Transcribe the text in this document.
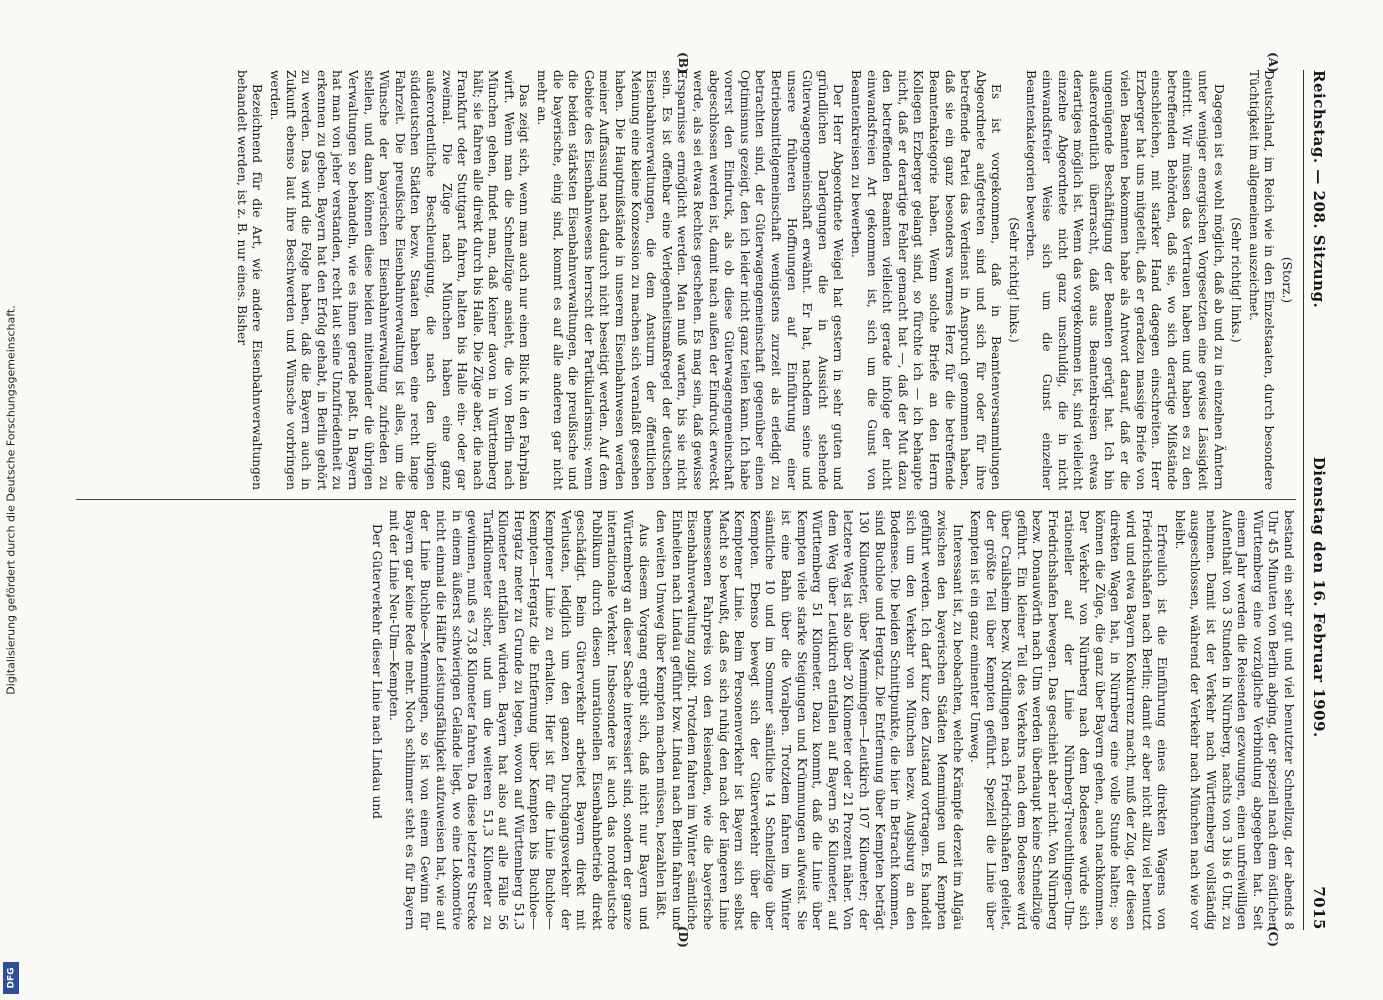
Digitalisierung gefördert durch die Deutsche Forschungsgemeinschaft.
DFG
Reichstag. — 208. Sitzung.
Dienstag den 16. Februar 1909.
7015
(A)
(B)
(C)
(D)

(Storz.)

Deutschland, im Reich wie in den Einzelstaaten, durch besondere Tüchtigkeit im allgemeinen auszeichnet.

(Sehr richtig! links.)

Dagegen ist es wohl möglich, daß ab und zu in einzelnen Ämtern unter weniger energischen Vorgesetzten eine gewisse Lässigkeit eintritt. Wir müssen das Vertrauen haben und haben es zu den betreffenden Behörden, daß sie, wo sich derartige Mißstände einschleichen, mit starker Hand dagegen einschreiten. Herr Erzberger hat uns mitgeteilt, daß er geradezu massige Briefe von vielen Beamten bekommen habe als Antwort darauf, daß er die ungenügende Beschäftigung der Beamten gerügt hat. Ich bin außerordentlich überrascht, daß aus Beamtenkreisen etwas derartiges möglich ist. Wenn das vorgekommen ist, sind vielleicht einzelne Abgeordnete nicht ganz unschuldig, die in nicht einwandsfreier Weise sich um die Gunst einzelner Beamtenkategorien bewerben.

(Sehr richtig! links.)

Es ist vorgekommen, daß in Beamtenversammlungen Abgeordnete aufgetreten sind und sich für oder für ihre betreffende Partei das Verdienst in Anspruch genommen haben, daß sie ein ganz besonders warmes Herz für die betreffende Beamtenkategorie haben. Wenn solche Briefe an den Herrn Kollegen Erzberger gelangt sind, so fürchte ich — ich behaupte nicht, daß er derartige Fehler gemacht hat —, daß der Mut dazu den betreffenden Beamten vielleicht gerade infolge der nicht einwandsfreien Art gekommen ist, sich um die Gunst von Beamtenkreisen zu bewerben.

Der Herr Abgeordnete Weigel hat gestern in sehr guten und gründlichen Darlegungen die in Aussicht stehende Güterwagengemeinschaft erwähnt. Er hat, nachdem seine und unsere früheren Hoffnungen auf Einführung einer Betriebsmittelgemeinschaft wenigstens zurzeit als erledigt zu betrachten sind, der Güterwagengemeinschaft gegenüber einen Optimismus gezeigt, den ich leider nicht ganz teilen kann. Ich habe vorerst den Eindruck, als ob diese Güterwagengemeinschaft abgeschlossen werden ist, damit nach außen der Eindruck erweckt werde, als sei etwas Rechtes geschehen. Es mag sein, daß gewisse Ersparnisse ermöglicht werden. Man muß warten, bis sie nicht sein. Es ist offenbar eine Verlegenheitsmaßregel der deutschen Eisenbahnverwaltungen, die dem Ansturm der öffentlichen Meinung eine kleine Konzession zu machen sich veranlaßt gesehen haben. Die Hauptmißstände in unserem Eisenbahnwesen werden meiner Auffassung nach dadurch nicht beseitigt werden. Auf dem Gebiete des Eisenbahnwesens herrscht der Partikularismus; wenn die beiden stärksten Eisenbahnverwaltungen, die preußische und die bayerische, einig sind, kommt es auf alle anderen gar nicht mehr an.

Das zeigt sich, wenn man auch nur einen Blick in den Fahrplan wirft. Wenn man die Schnellzüge ansieht, die von Berlin nach München gehen, findet man, daß keiner davon in Württemberg hält; sie fahren alle direkt durch bis Halle. Die Züge aber, die nach Frankfurt oder Stuttgart fahren, halten bis Halle ein- oder gar zweimal. Die Züge nach München haben eine ganz außerordentliche Beschleunigung, die nach den übrigen süddeutschen Städten bezw. Staaten haben eine recht lange Fahrzeit. Die preußische Eisenbahnverwaltung ist alles, um die Wünsche der bayerischen Eisenbahnverwaltung zufrieden zu stellen, und dann können diese beiden miteinander die übrigen Verwaltungen so behandeln, wie es ihnen gerade paßt. In Bayern hat man von jeher verstanden, recht laut seine Unzufriedenheit zu erkennen zu geben. Bayern hat den Erfolg gehabt, in Berlin gehört zu werden. Das wird die Folge haben, daß die Bayern auch in Zukunft ebenso laut ihre Beschwerden und Wünsche vorbringen werden.

Bezeichnend für die Art, wie andere Eisenbahnverwaltungen behandelt werden, ist z. B. nur eines. Bisher

bestand ein sehr gut und viel benutzter Schnellzug, der abends 8 Uhr 45 Minuten von Berlin abging, der speziell nach dem östlichen Württemberg eine vorzügliche Verbindung abgegeben hat. Seit einem Jahr werden die Reisenden gezwungen, einen unfreiwilligen Aufenthalt von 3 Stunden in Nürnberg, nachts von 3 bis 6 Uhr, zu nehmen. Damit ist der Verkehr nach Württemberg vollständig ausgeschlossen, während der Verkehr nach München nach wie vor bleibt.

Erfreulich ist die Einführung eines direkten Wagens von Friedrichshafen nach Berlin; damit er aber nicht allzu viel benutzt wird und etwa Bayern Konkurrenz macht, muß der Zug, der diesen direkten Wagen hat, in Nürnberg eine volle Stunde halten; so können die Züge, die ganz über Bayern gehen, auch nachkommen. Der Verkehr von Nürnberg nach dem Bodensee würde sich rationeller auf der Linie Nürnberg-Treuchtlingen-Ulm-Friedrichshafen bewegen. Das geschieht aber nicht. Von Nürnberg bezw. Donauwörth nach Ulm werden überhaupt keine Schnellzüge geführt. Ein kleiner Teil des Verkehrs nach dem Bodensee wird über Crailsheim bezw. Nördlingen nach Friedrichshafen geleitet, der größte Teil über Kempten geführt. Speziell die Linie über Kempten ist ein ganz eminenter Umweg.

Interessant ist, zu beobachten, welche Krämpfe derzeit im Allgäu zwischen den bayerischen Städten Memmingen und Kempten geführt werden. Ich darf kurz den Zustand vortragen. Es handelt sich um den Verkehr von München bezw. Augsburg an den Bodensee. Die beiden Schnittpunkte, die hier in Betracht kommen, sind Buchloe und Hergatz. Die Entfernung über Kempten beträgt 130 Kilometer, über Memmingen—Leutkirch 107 Kilometer; der letztere Weg ist also über 20 Kilometer oder 21 Prozent näher. Von dem Weg über Leutkirch entfallen auf Bayern 56 Kilometer, auf Württemberg 51 Kilometer. Dazu kommt, daß die Linie über Kempten viele starke Steigungen und Krümmungen aufweist. Sie ist eine Bahn über die Voralpen. Trotzdem fahren im Winter sämtliche 10 und im Sommer sämtliche 14 Schnellzüge über Kempten. Ebenso bewegt sich der Güterverkehr über die Kemptener Linie. Beim Personenverkehr ist Bayern sich selbst Macht so bewußt, daß es sich ruhig den nach der längeren Linie bemessenen Fahrpreis von den Reisenden, wie die bayerische Eisenbahnverwaltung zugibt. Trotzdem fahren im Winter sämtliche Einheiten nach Lindau geführt bzw. Lindau nach Berlin fahren und den weiten Umweg über Kempten machen müssen, bezahlen läßt.

Aus diesem Vorgang ergibt sich, daß nicht nur Bayern und Württemberg an dieser Sache interessiert sind, sondern der ganze internationale Verkehr. Insbesondere ist auch das norddeutsche Publikum durch diesen unrationellen Eisenbahnbetrieb direkt geschädigt. Beim Güterverkehr arbeitet Bayern direkt mit Verlusten, lediglich um den ganzen Durchgangsverkehr der Kemptener Linie zu erhalten. Hier ist für die Linie Buchloe—Kempten—Hergatz die Entfernung über Kempten bis Buchloe—Hergatz meter zu Grunde zu legen, wovon auf Württemberg 51,3 Kilometer entfallen würden. Bayern hat also auf alle Fälle 56 Tarifkilometer sicher, und um die weiteren 51,3 Kilometer zu gewinnen, muß es 73,8 Kilometer fahren. Da diese letztere Strecke in einem äußerst schwierigen Gelände liegt, wo eine Lokomotive nicht einmal die Hälfte Leistungsfähigkeit aufzuweisen hat, wie auf der Linie Buchloe—Memmingen, so ist von einem Gewinn für Bayern gar keine Rede mehr. Noch schlimmer steht es für Bayern mit der Linie Neu-Ulm—Kempten.

Der Güterverkehr dieser Linie nach Lindau und
